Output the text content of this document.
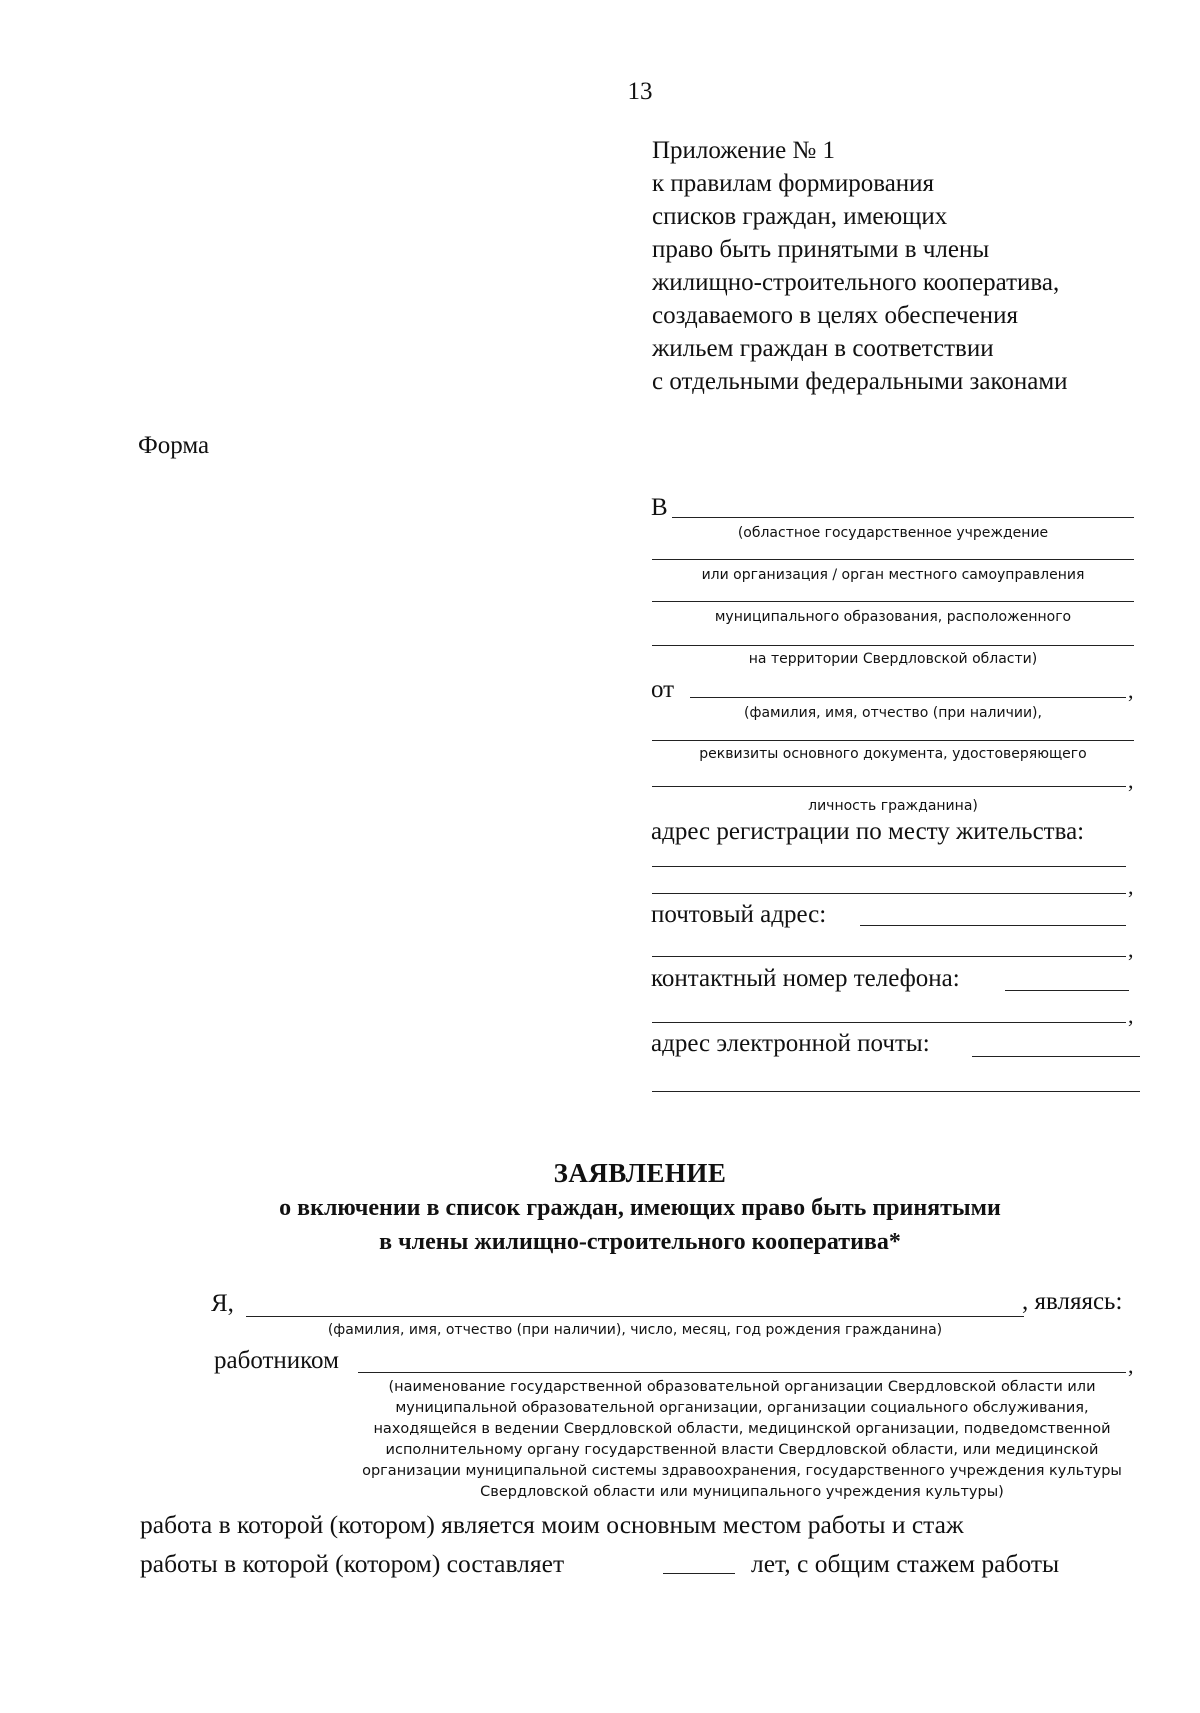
13
Приложение № 1
к правилам формирования
списков граждан, имеющих
право быть принятыми в члены
жилищно-строительного кооператива,
создаваемого в целях обеспечения
жильем граждан в соответствии
с отдельными федеральными законами
Форма
В
(областное государственное учреждение
или организация / орган местного самоуправления
муниципального образования, расположенного
на территории Свердловской области)
от	,
(фамилия, имя, отчество (при наличии),
реквизиты основного документа, удостоверяющего
,
личность гражданина)
адрес регистрации по месту жительства:
,
почтовый адрес:
,
контактный номер телефона:
,
адрес электронной почты:
ЗАЯВЛЕНИЕ
о включении в список граждан, имеющих право быть принятыми
в члены жилищно-строительного кооператива*
Я,	, являясь:
(фамилия, имя, отчество (при наличии), число, месяц, год рождения гражданина)
работником	,
(наименование государственной образовательной организации Свердловской области или
муниципальной образовательной организации, организации социального обслуживания,
находящейся в ведении Свердловской области, медицинской организации, подведомственной
исполнительному органу государственной власти Свердловской области, или медицинской
организации муниципальной системы здравоохранения, государственного учреждения культуры
Свердловской области или муниципального учреждения культуры)
работа в которой (котором) является моим основным местом работы и стаж
работы в которой (котором) составляет	лет, с общим стажем работы
